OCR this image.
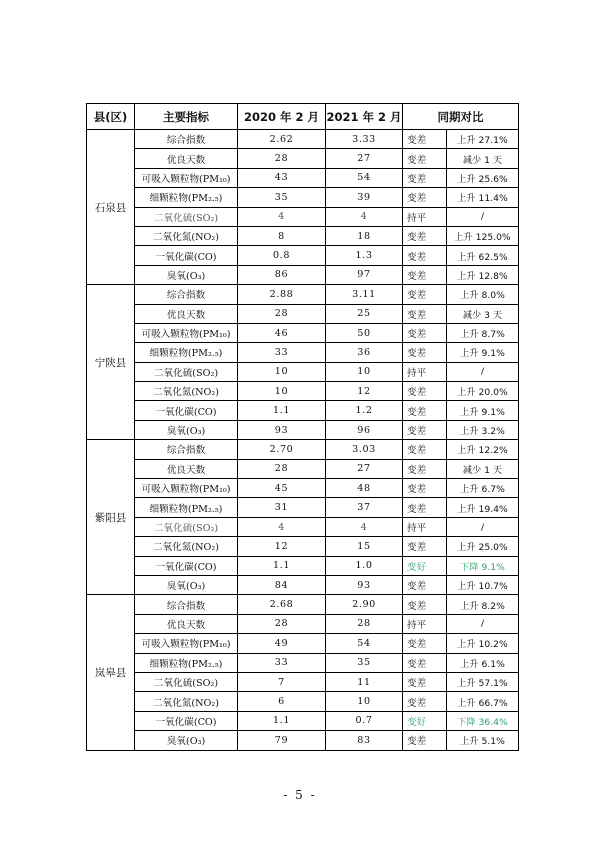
县(区)	主要指标	2020 年 2 月	2021 年 2 月	同期对比	
石泉县	综合指数	2.62	3.33	变差	上升 27.1%
	优良天数	28	27	变差	减少 1 天
	可吸入颗粒物(PM₁₀)	43	54	变差	上升 25.6%
	细颗粒物(PM₂.₅)	35	39	变差	上升 11.4%
	二氧化硫(SO₂)	4	4	持平	/
	二氧化氮(NO₂)	8	18	变差	上升 125.0%
	一氧化碳(CO)	0.8	1.3	变差	上升 62.5%
	臭氧(O₃)	86	97	变差	上升 12.8%
宁陕县	综合指数	2.88	3.11	变差	上升 8.0%
	优良天数	28	25	变差	减少 3 天
	可吸入颗粒物(PM₁₀)	46	50	变差	上升 8.7%
	细颗粒物(PM₂.₅)	33	36	变差	上升 9.1%
	二氧化硫(SO₂)	10	10	持平	/
	二氧化氮(NO₂)	10	12	变差	上升 20.0%
	一氧化碳(CO)	1.1	1.2	变差	上升 9.1%
	臭氧(O₃)	93	96	变差	上升 3.2%
紫阳县	综合指数	2.70	3.03	变差	上升 12.2%
	优良天数	28	27	变差	减少 1 天
	可吸入颗粒物(PM₁₀)	45	48	变差	上升 6.7%
	细颗粒物(PM₂.₅)	31	37	变差	上升 19.4%
	二氧化硫(SO₂)	4	4	持平	/
	二氧化氮(NO₂)	12	15	变差	上升 25.0%
	一氧化碳(CO)	1.1	1.0	变好	下降 9.1%
	臭氧(O₃)	84	93	变差	上升 10.7%
岚皋县	综合指数	2.68	2.90	变差	上升 8.2%
	优良天数	28	28	持平	/
	可吸入颗粒物(PM₁₀)	49	54	变差	上升 10.2%
	细颗粒物(PM₂.₅)	33	35	变差	上升 6.1%
	二氧化硫(SO₂)	7	11	变差	上升 57.1%
	二氧化氮(NO₂)	6	10	变差	上升 66.7%
	一氧化碳(CO)	1.1	0.7	变好	下降 36.4%
	臭氧(O₃)	79	83	变差	上升 5.1%
- 5 -
